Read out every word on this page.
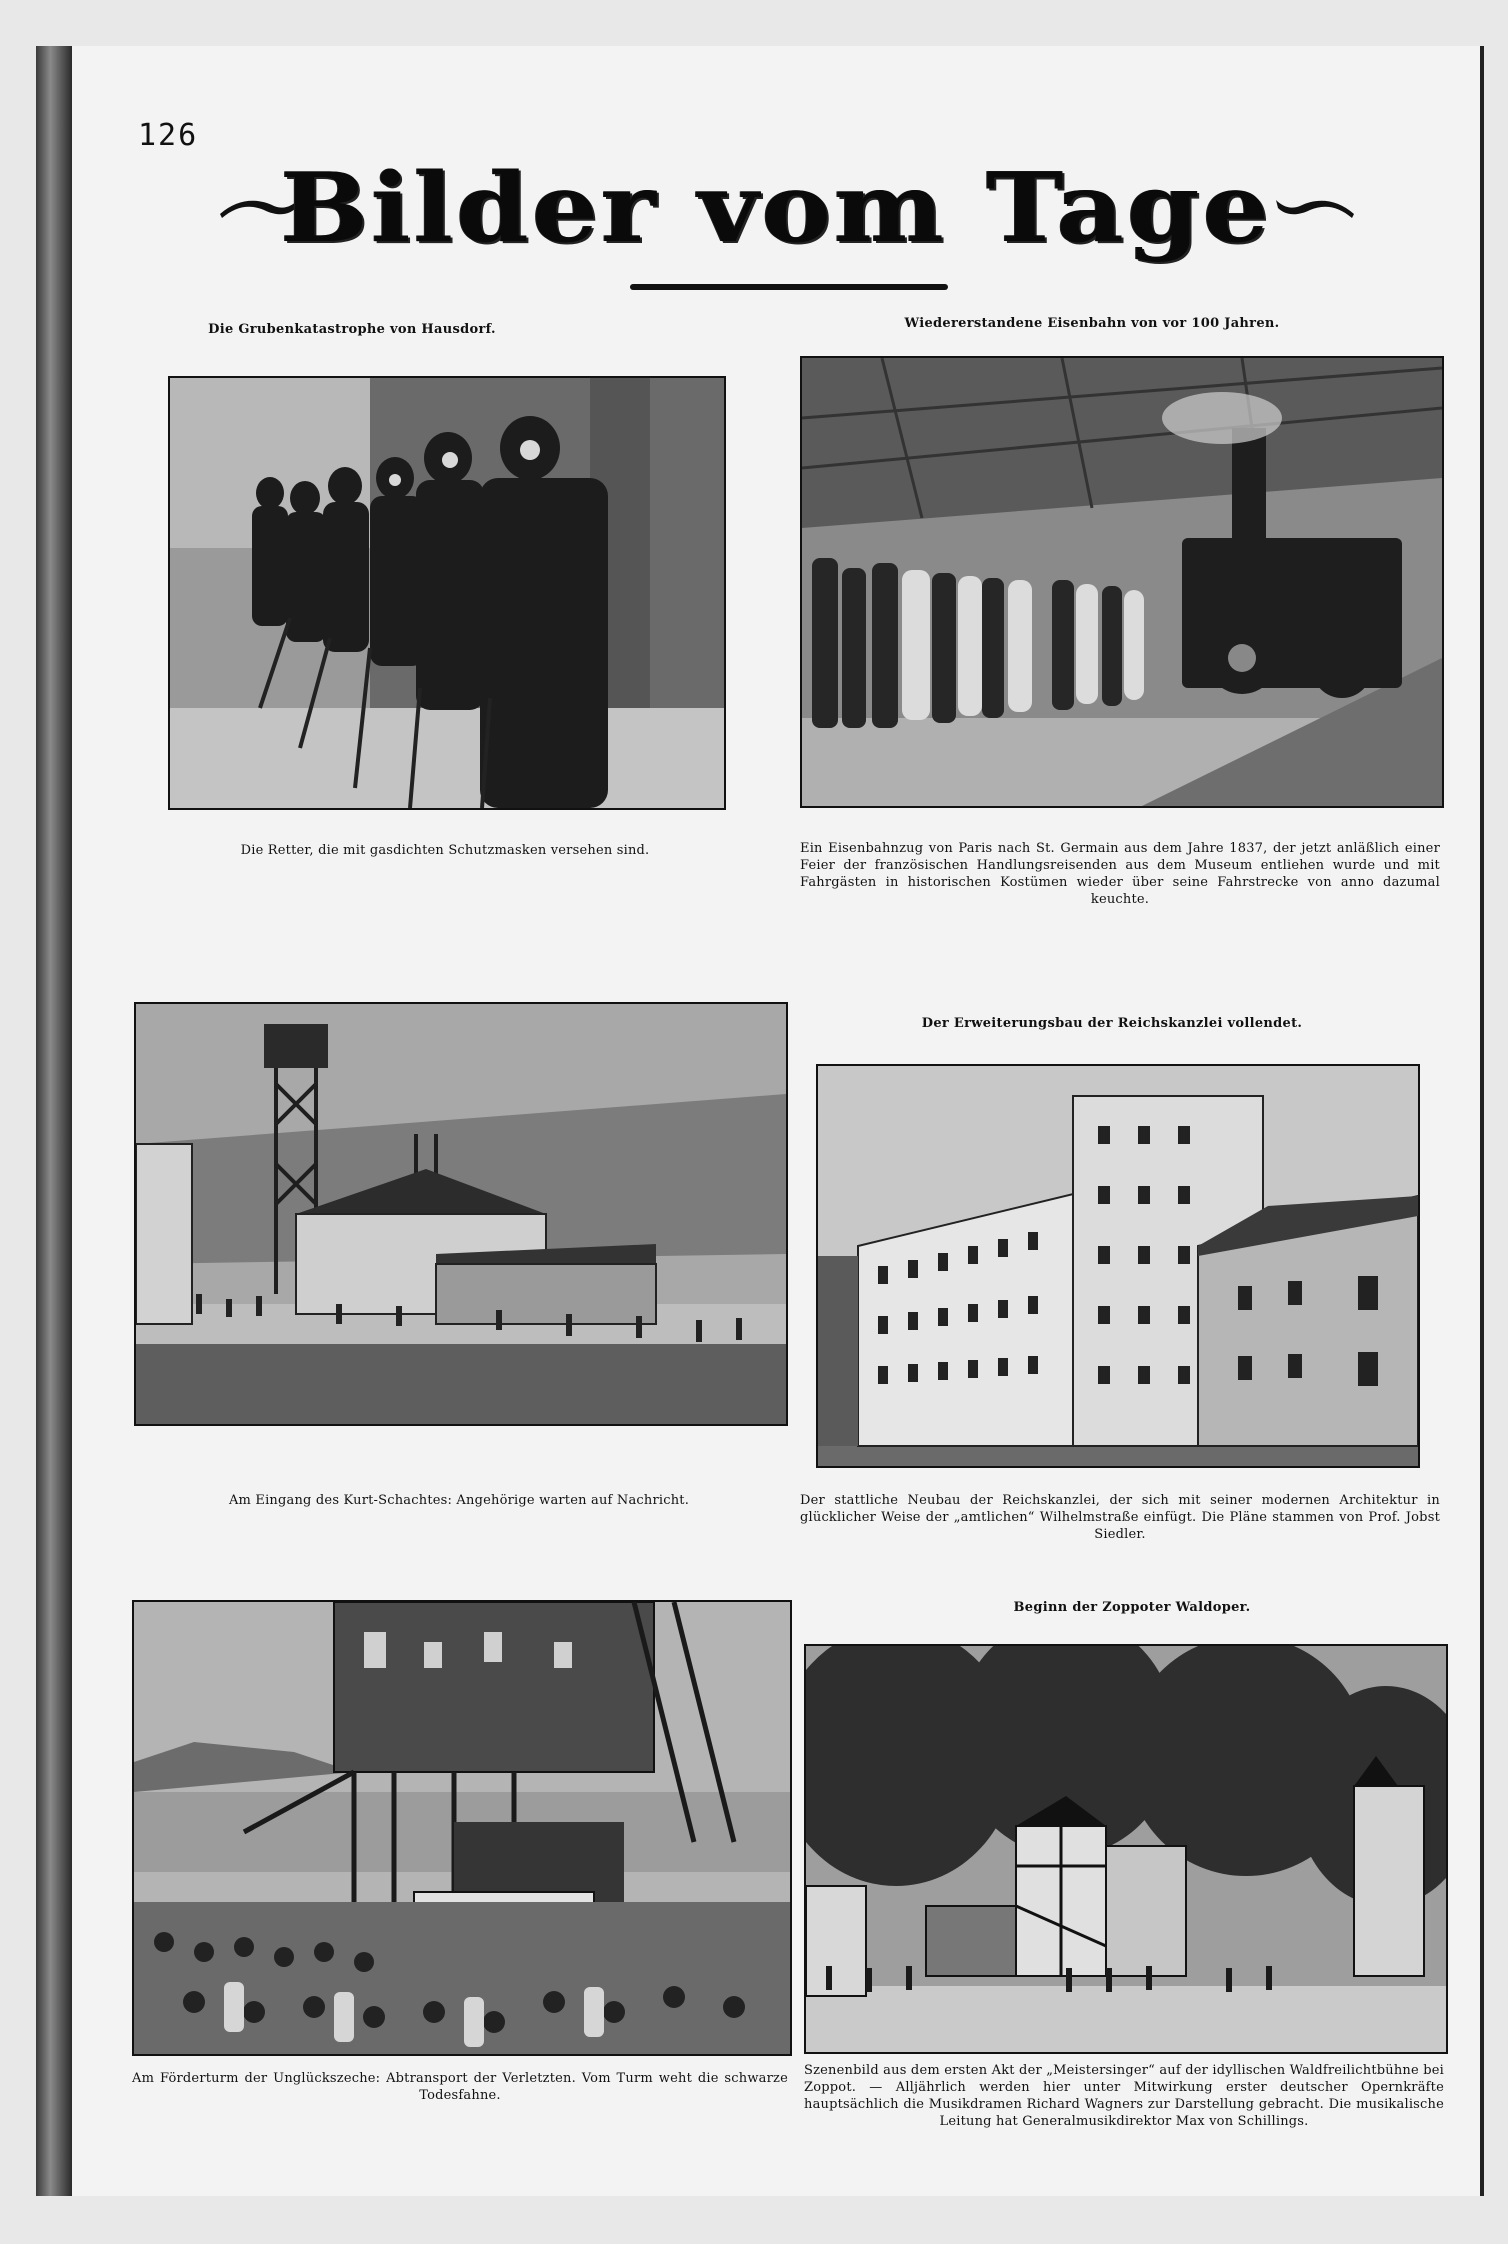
126
Bilder vom Tage
Die Grubenkatastrophe von Hausdorf.
Die Retter, die mit gasdichten Schutzmasken versehen sind.
Wiedererstandene Eisenbahn von vor 100 Jahren.
Ein Eisenbahnzug von Paris nach St. Germain aus dem Jahre 1837, der jetzt anläßlich einer Feier der französischen Handlungsreisenden aus dem Museum entliehen wurde und mit Fahrgästen in historischen Kostümen wieder über seine Fahrstrecke von anno dazumal keuchte.
Am Eingang des Kurt-Schachtes: Angehörige warten auf Nachricht.
Der Erweiterungsbau der Reichskanzlei vollendet.
Der stattliche Neubau der Reichskanzlei, der sich mit seiner modernen Architektur in glücklicher Weise der „amtlichen“ Wilhelmstraße einfügt. Die Pläne stammen von Prof. Jobst Siedler.
Am Förderturm der Unglückszeche: Abtransport der Verletzten. Vom Turm weht die schwarze Todesfahne.
Beginn der Zoppoter Waldoper.
Szenenbild aus dem ersten Akt der „Meistersinger“ auf der idyllischen Waldfreilichtbühne bei Zoppot. — Alljährlich werden hier unter Mitwirkung erster deutscher Opernkräfte hauptsächlich die Musikdramen Richard Wagners zur Darstellung gebracht. Die musikalische Leitung hat Generalmusikdirektor Max von Schillings.
